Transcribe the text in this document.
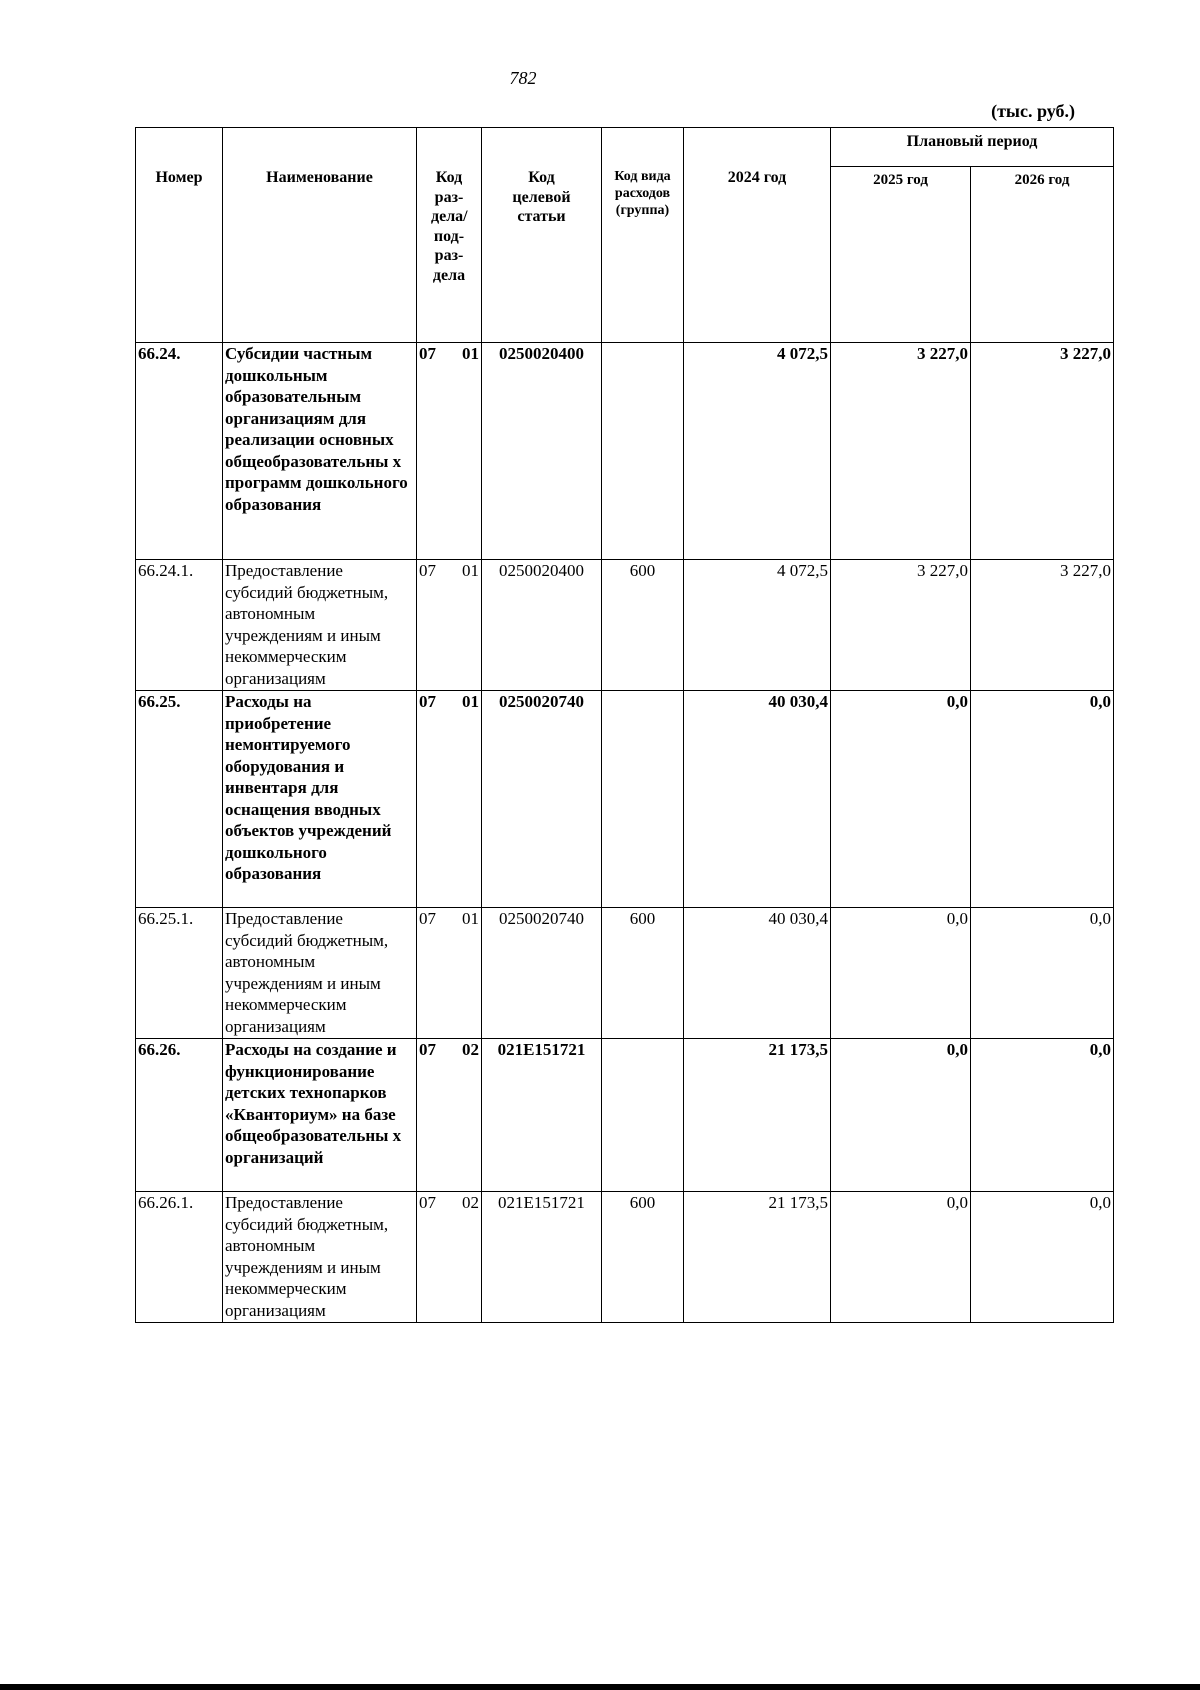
782
(тыс. руб.)
Номер	Наименование	Код раз- дела/ под- раз- дела	Код целевой статьи	Код вида расходов (группа)	2024 год	Плановый период	
						2025 год	2026 год
66.24.	Субсидии частным дошкольным образовательным организациям для реализации основных общеобразовательны х программ дошкольного образования	07 01	0250020400		4 072,5	3 227,0	3 227,0
66.24.1.	Предоставление субсидий бюджетным, автономным учреждениям и иным некоммерческим организациям	07 01	0250020400	600	4 072,5	3 227,0	3 227,0
66.25.	Расходы на приобретение немонтируемого оборудования и инвентаря для оснащения вводных объектов учреждений дошкольного образования	07 01	0250020740		40 030,4	0,0	0,0
66.25.1.	Предоставление субсидий бюджетным, автономным учреждениям и иным некоммерческим организациям	07 01	0250020740	600	40 030,4	0,0	0,0
66.26.	Расходы на создание и функционирование детских технопарков «Кванториум» на базе общеобразовательны х организаций	07 02	021E151721		21 173,5	0,0	0,0
66.26.1.	Предоставление субсидий бюджетным, автономным учреждениям и иным некоммерческим организациям	07 02	021E151721	600	21 173,5	0,0	0,0
